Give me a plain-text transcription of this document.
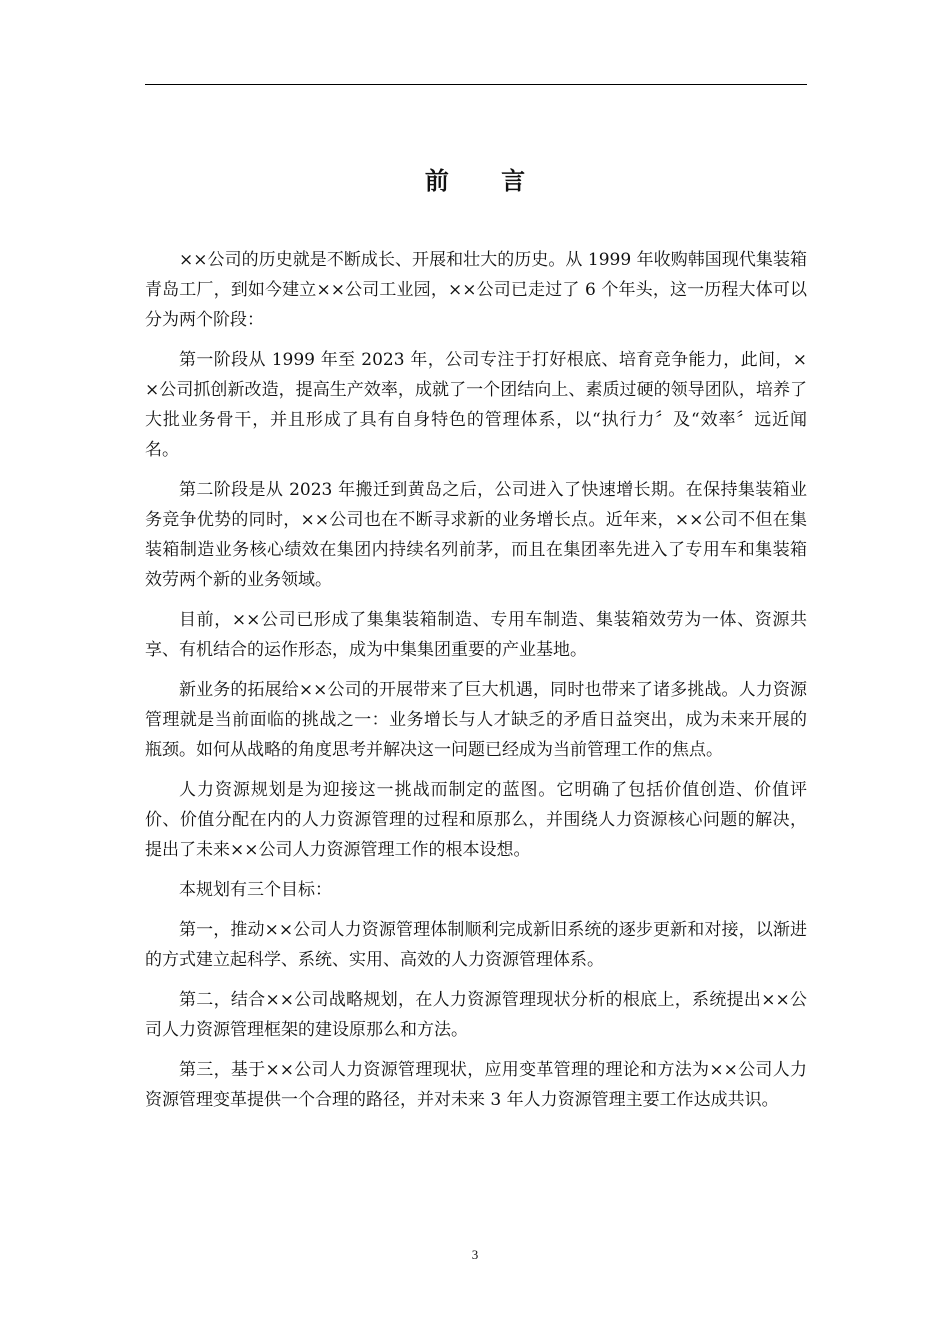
前 言

××公司的历史就是不断成长、开展和壮大的历史。从 1999 年收购韩国现代集装箱青岛工厂，到如今建立××公司工业园，××公司已走过了 6 个年头，这一历程大体可以分为两个阶段：

第一阶段从 1999 年至 2023 年，公司专注于打好根底、培育竞争能力，此间，××公司抓创新改造，提高生产效率，成就了一个团结向上、素质过硬的领导团队，培养了大批业务骨干，并且形成了具有自身特色的管理体系，以“执行力〞及“效率〞远近闻名。

第二阶段是从 2023 年搬迁到黄岛之后，公司进入了快速增长期。在保持集装箱业务竞争优势的同时，××公司也在不断寻求新的业务增长点。近年来，××公司不但在集装箱制造业务核心绩效在集团内持续名列前茅，而且在集团率先进入了专用车和集装箱效劳两个新的业务领域。

目前，××公司已形成了集集装箱制造、专用车制造、集装箱效劳为一体、资源共享、有机结合的运作形态，成为中集集团重要的产业基地。

新业务的拓展给××公司的开展带来了巨大机遇，同时也带来了诸多挑战。人力资源管理就是当前面临的挑战之一：业务增长与人才缺乏的矛盾日益突出，成为未来开展的瓶颈。如何从战略的角度思考并解决这一问题已经成为当前管理工作的焦点。

人力资源规划是为迎接这一挑战而制定的蓝图。它明确了包括价值创造、价值评价、价值分配在内的人力资源管理的过程和原那么，并围绕人力资源核心问题的解决，提出了未来××公司人力资源管理工作的根本设想。

本规划有三个目标：

第一，推动××公司人力资源管理体制顺利完成新旧系统的逐步更新和对接，以渐进的方式建立起科学、系统、实用、高效的人力资源管理体系。

第二，结合××公司战略规划，在人力资源管理现状分析的根底上，系统提出××公司人力资源管理框架的建设原那么和方法。

第三，基于××公司人力资源管理现状，应用变革管理的理论和方法为××公司人力资源管理变革提供一个合理的路径，并对未来 3 年人力资源管理主要工作达成共识。

3
